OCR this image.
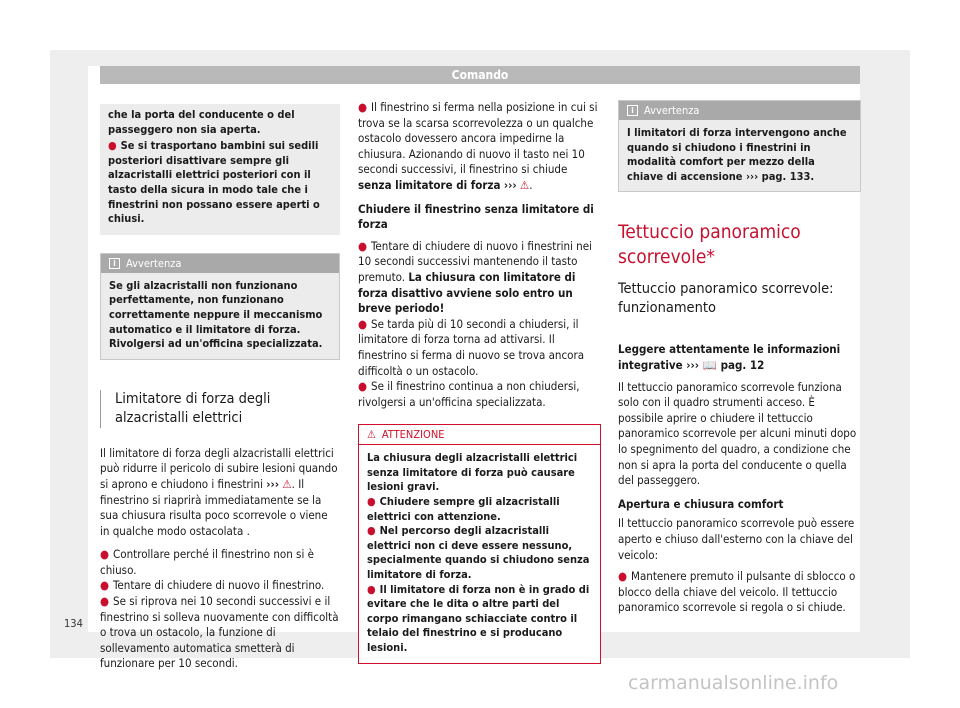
Comando
che la porta del conducente o del passeggero non sia aperta.
● Se si trasportano bambini sui sedili posteriori disattivare sempre gli alzacristalli elettrici posteriori con il tasto della sicura in modo tale che i finestrini non possano essere aperti o chiusi.
i Avvertenza
Se gli alzacristalli non funzionano perfettamente, non funzionano correttamente neppure il meccanismo automatico e il limitatore di forza. Rivolgersi ad un'officina specializzata.
Limitatore di forza degli alzacristalli elettrici

Il limitatore di forza degli alzacristalli elettrici può ridurre il pericolo di subire lesioni quando si aprono e chiudono i finestrini ››› ⚠. Il finestrino si riaprirà immediatamente se la sua chiusura risulta poco scorrevole o viene in qualche modo ostacolata .

● Controllare perché il finestrino non si è chiuso.
● Tentare di chiudere di nuovo il finestrino.
● Se si riprova nei 10 secondi successivi e il finestrino si solleva nuovamente con difficoltà o trova un ostacolo, la funzione di sollevamento automatica smetterà di funzionare per 10 secondi.
● Il finestrino si ferma nella posizione in cui si trova se la scarsa scorrevolezza o un qualche ostacolo dovessero ancora impedirne la chiusura. Azionando di nuovo il tasto nei 10 secondi successivi, il finestrino si chiude senza limitatore di forza ››› ⚠.
Chiudere il finestrino senza limitatore di forza
● Tentare di chiudere di nuovo i finestrini nei 10 secondi successivi mantenendo il tasto premuto. La chiusura con limitatore di forza disattivo avviene solo entro un breve periodo!
● Se tarda più di 10 secondi a chiudersi, il limitatore di forza torna ad attivarsi. Il finestrino si ferma di nuovo se trova ancora difficoltà o un ostacolo.
● Se il finestrino continua a non chiudersi, rivolgersi a un'officina specializzata.
⚠ ATTENZIONE
La chiusura degli alzacristalli elettrici senza limitatore di forza può causare lesioni gravi.
● Chiudere sempre gli alzacristalli elettrici con attenzione.
● Nel percorso degli alzacristalli elettrici non ci deve essere nessuno, specialmente quando si chiudono senza limitatore di forza.
● Il limitatore di forza non è in grado di evitare che le dita o altre parti del corpo rimangano schiacciate contro il telaio del finestrino e si producano lesioni.
i Avvertenza
I limitatori di forza intervengono anche quando si chiudono i finestrini in modalità comfort per mezzo della chiave di accensione ››› pag. 133.
Tettuccio panoramico scorrevole*
Tettuccio panoramico scorrevole: funzionamento

Leggere attentamente le informazioni integrative ››› 📖 pag. 12

Il tettuccio panoramico scorrevole funziona solo con il quadro strumenti acceso. È possibile aprire o chiudere il tettuccio panoramico scorrevole per alcuni minuti dopo lo spegnimento del quadro, a condizione che non si apra la porta del conducente o quella del passeggero.

Apertura e chiusura comfort

Il tettuccio panoramico scorrevole può essere aperto e chiuso dall'esterno con la chiave del veicolo:

● Mantenere premuto il pulsante di sblocco o blocco della chiave del veicolo. Il tettuccio panoramico scorrevole si regola o si chiude.
134
carmanualsonline.info
